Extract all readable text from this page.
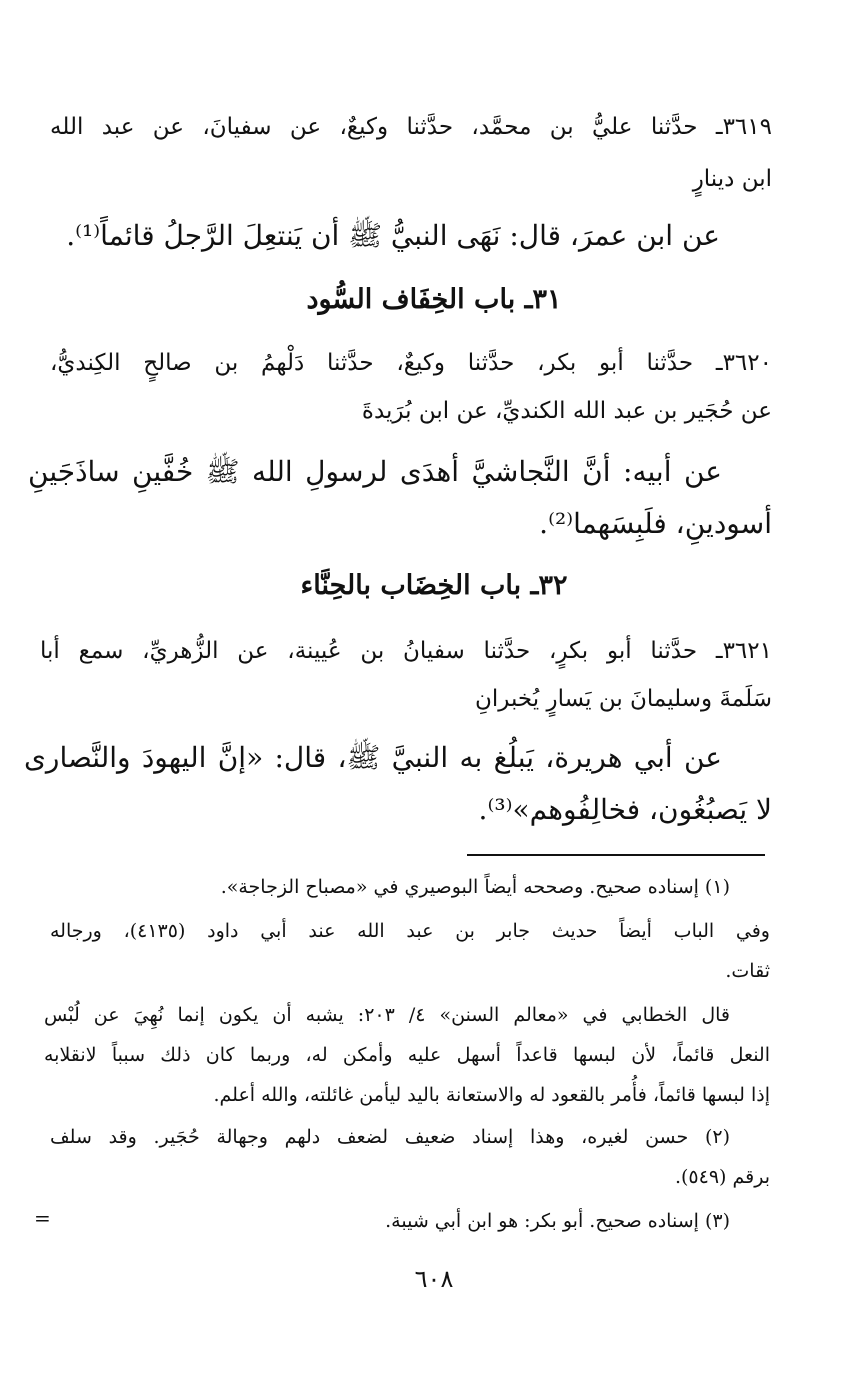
٣٦١٩ـ حدَّثنا عليُّ بن محمَّد، حدَّثنا وكيعٌ، عن سفيانَ، عن عبد الله
ابن دينارٍ
عن ابن عمرَ، قال: نَهَى النبيُّ ﷺ أن يَنتعِلَ الرَّجلُ قائماً⁽¹⁾.
٣١ـ باب الخِفَاف السُّود
٣٦٢٠ـ حدَّثنا أبو بكر، حدَّثنا وكيعٌ، حدَّثنا دَلْهمُ بن صالحٍ الكِنديُّ،
عن حُجَير بن عبد الله الكنديِّ، عن ابن بُرَيدةَ
عن أبيه: أنَّ النَّجاشيَّ أهدَى لرسولِ الله ﷺ خُفَّينِ ساذَجَينِ
أسودينِ، فلَبِسَهما⁽²⁾.
٣٢ـ باب الخِضَاب بالحِنَّاء
٣٦٢١ـ حدَّثنا أبو بكرٍ، حدَّثنا سفيانُ بن عُيينة، عن الزُّهريِّ، سمع أبا
سَلَمةَ وسليمانَ بن يَسارٍ يُخبرانِ
عن أبي هريرة، يَبلُغ به النبيَّ ﷺ، قال: «إنَّ اليهودَ والنَّصارى
لا يَصبُغُون، فخالِفُوهم»⁽³⁾.
(١) إسناده صحيح. وصححه أيضاً البوصيري في «مصباح الزجاجة».
وفي الباب أيضاً حديث جابر بن عبد الله عند أبي داود (٤١٣٥)، ورجاله
ثقات.
قال الخطابي في «معالم السنن» ٤/ ٢٠٣: يشبه أن يكون إنما نُهِيَ عن لُبْس
النعل قائماً، لأن لبسها قاعداً أسهل عليه وأمكن له، وربما كان ذلك سبباً لانقلابه
إذا لبسها قائماً، فأُمر بالقعود له والاستعانة باليد ليأمن غائلته، والله أعلم.
(٢) حسن لغيره، وهذا إسناد ضعيف لضعف دلهم وجهالة حُجَير. وقد سلف
برقم (٥٤٩).
(٣) إسناده صحيح. أبو بكر: هو ابن أبي شيبة.
=
٦٠٨
